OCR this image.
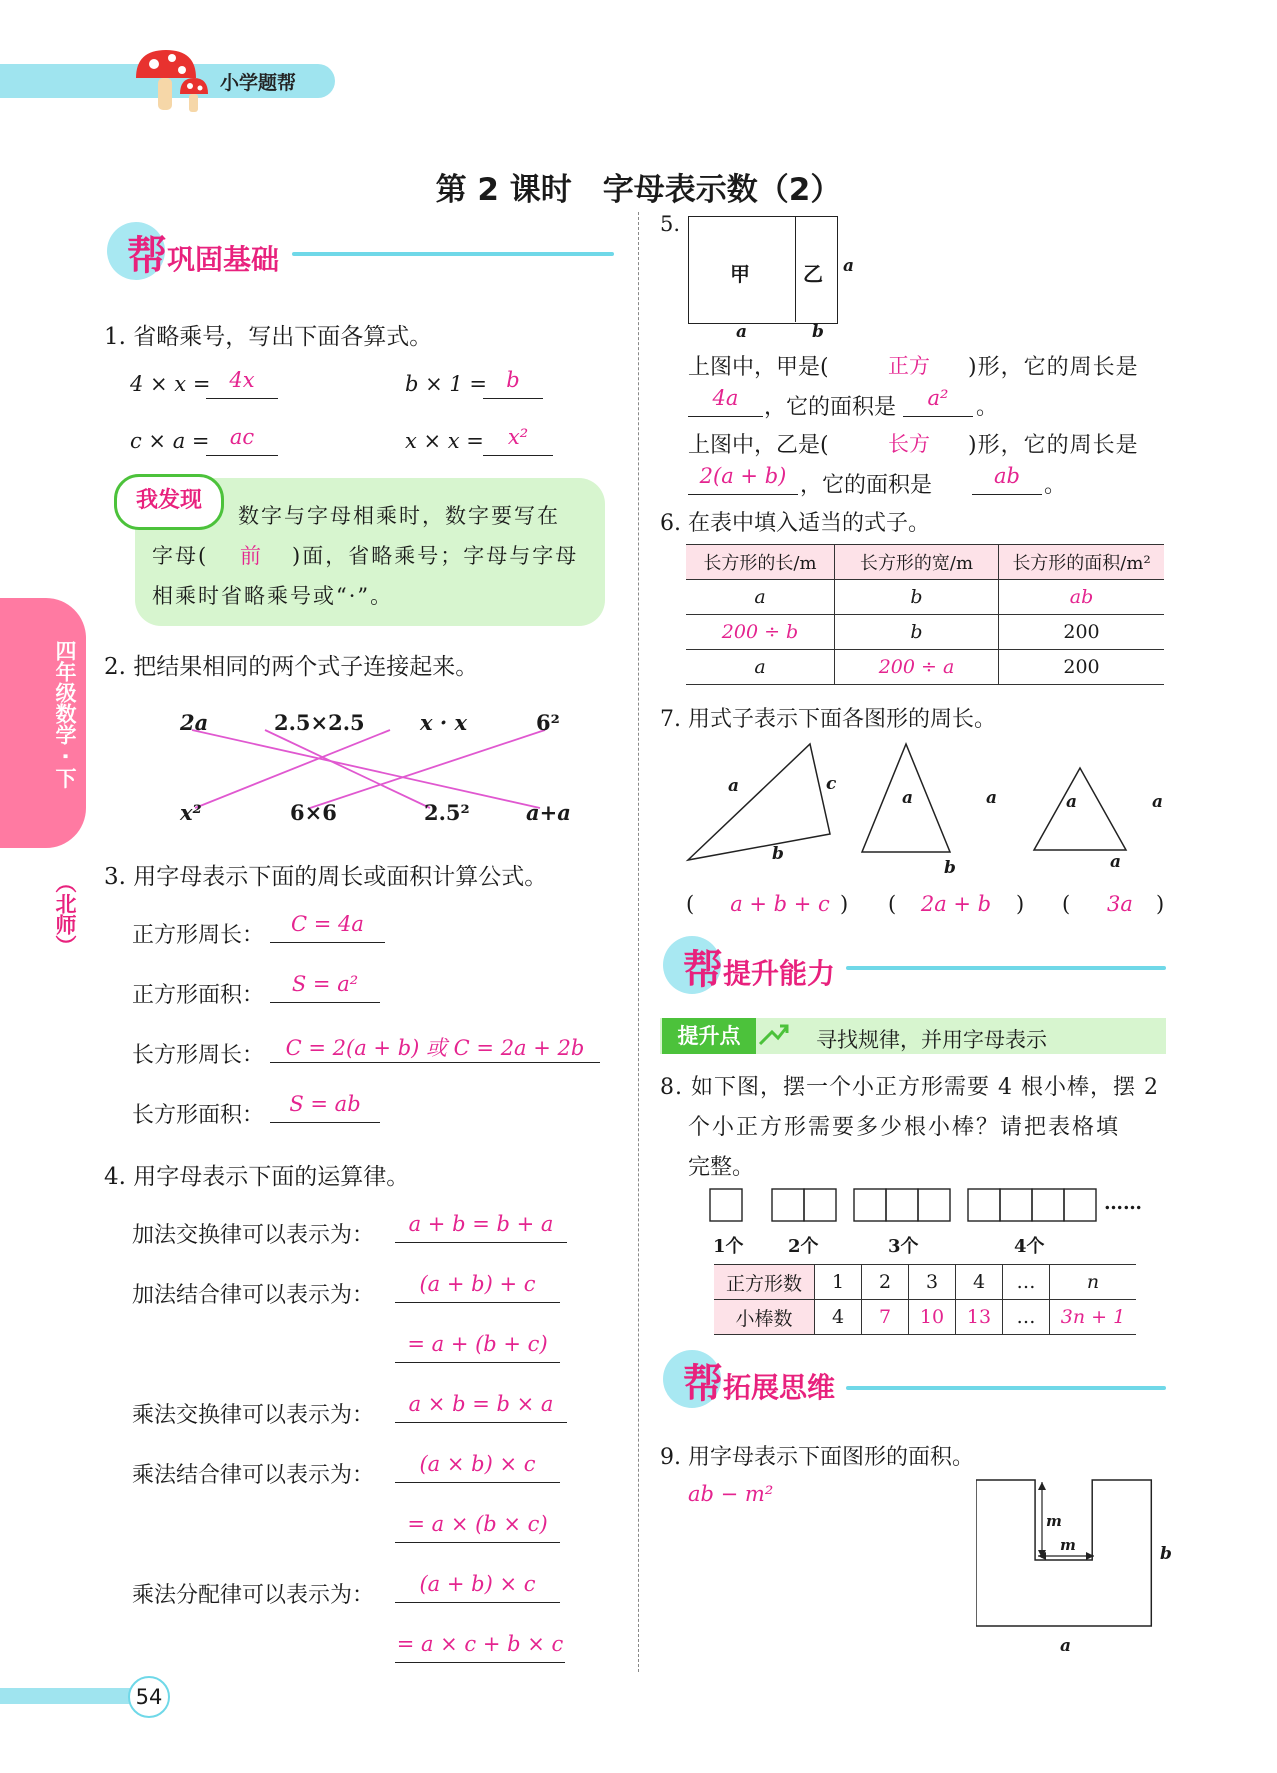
小学题帮
第 2 课时　字母表示数（2）
四年级数学 · 下
（北师）
帮巩固基础
1. 省略乘号，写出下面各算式。
4 × x = 4x	b × 1 = b
c × a = ac	x × x =	x²
我发现
数字与字母相乘时，数字要写在
字母( 前 )面，省略乘号；字母与字母
相乘时省略乘号或“·”。
2. 把结果相同的两个式子连接起来。
2a	2.5×2.5	x · x	6²
x²	6×6	2.5²	a+a
3. 用字母表示下面的周长或面积计算公式。
正方形周长：	C = 4a
正方形面积：	S = a²
长方形周长：	C = 2(a + b) 或 C = 2a + 2b
长方形面积：	S = ab
4. 用字母表示下面的运算律。
加法交换律可以表示为：	a + b = b + a
加法结合律可以表示为：	(a + b) + c
= a + (b + c)
乘法交换律可以表示为：	a × b = b × a
乘法结合律可以表示为：	(a × b) × c
= a × (b × c)
乘法分配律可以表示为：	(a + b) × c
= a × c + b × c
54
5.
甲	乙 a
a	b
上图中，甲是(	正方 )形，它的周长是
4a	，它的面积是	a²	。
上图中，乙是(	长方 )形，它的周长是
2(a + b) ，它的面积是	ab	。
6. 在表中填入适当的式子。
长方形的长/m	长方形的宽/m	长方形的面积/m²
a	b	ab
200 ÷ b	b	200
a	200 ÷ a	200
7. 用式子表示下面各图形的周长。
a	c
b
a	a
b
a	a
a
(	a + b + c ) (	2a + b	) (	3a	)
帮提升能力
提升点	寻找规律，并用字母表示
8. 如下图，摆一个小正方形需要 4 根小棒，摆 2
个小正方形需要多少根小棒？请把表格填
完整。
……
1个 2个	3个	4个
正方形数	1	2	3	4	…	n
小棒数	4	7	10	13	…	3n + 1
帮拓展思维
9. 用字母表示下面图形的面积。
ab − m²
m
m	b
a
